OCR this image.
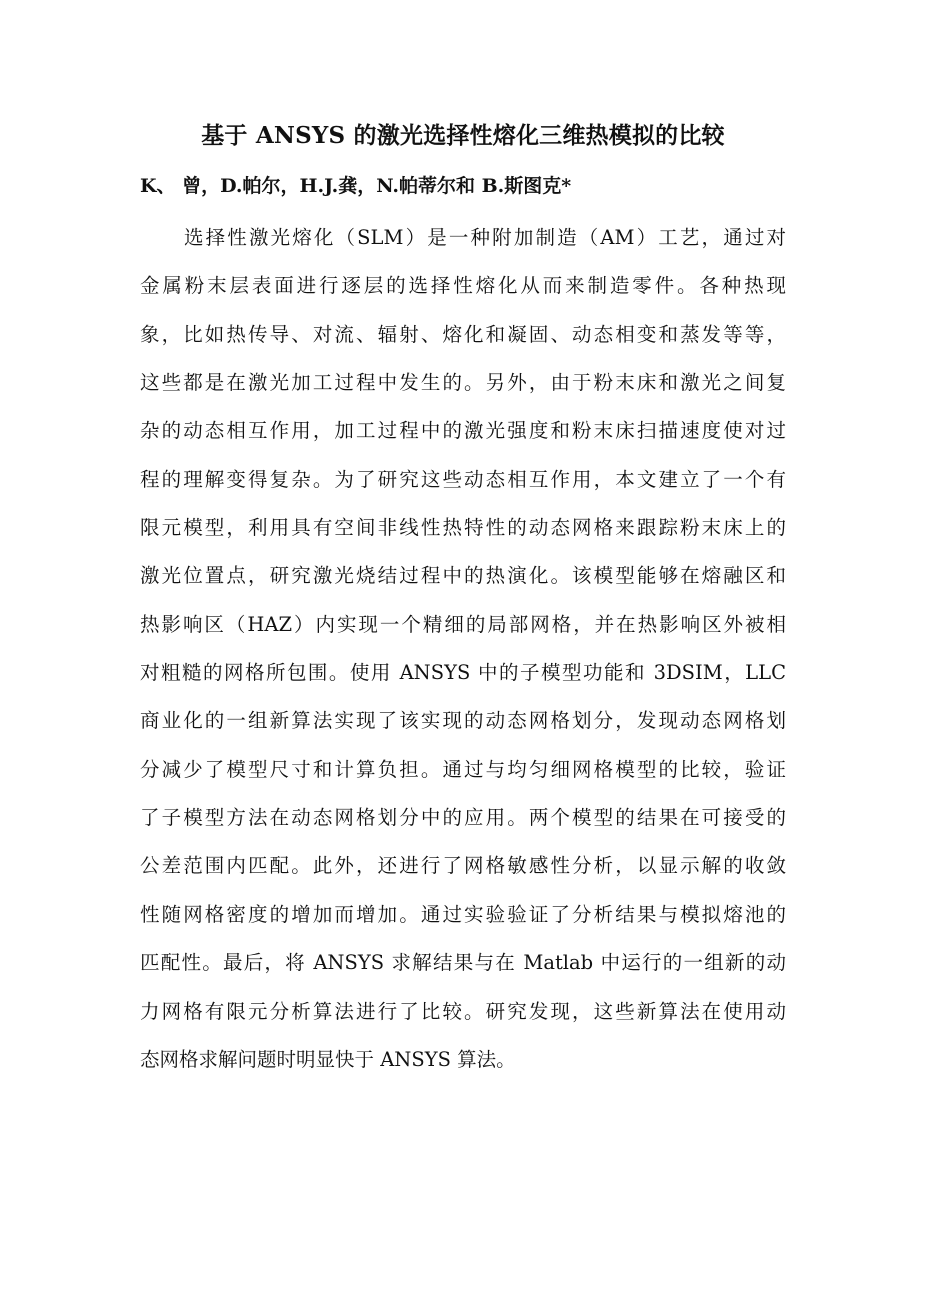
基于 ANSYS 的激光选择性熔化三维热模拟的比较
K、 曾，D.帕尔，H.J.龚，N.帕蒂尔和 B.斯图克*
选择性激光熔化（SLM）是一种附加制造（AM）工艺，通过对
金属粉末层表面进行逐层的选择性熔化从而来制造零件。各种热现
象，比如热传导、对流、辐射、熔化和凝固、动态相变和蒸发等等，
这些都是在激光加工过程中发生的。另外，由于粉末床和激光之间复
杂的动态相互作用，加工过程中的激光强度和粉末床扫描速度使对过
程的理解变得复杂。为了研究这些动态相互作用，本文建立了一个有
限元模型，利用具有空间非线性热特性的动态网格来跟踪粉末床上的
激光位置点，研究激光烧结过程中的热演化。该模型能够在熔融区和
热影响区（HAZ）内实现一个精细的局部网格，并在热影响区外被相
对粗糙的网格所包围。使用 ANSYS 中的子模型功能和 3DSIM，LLC
商业化的一组新算法实现了该实现的动态网格划分，发现动态网格划
分减少了模型尺寸和计算负担。通过与均匀细网格模型的比较，验证
了子模型方法在动态网格划分中的应用。两个模型的结果在可接受的
公差范围内匹配。此外，还进行了网格敏感性分析，以显示解的收敛
性随网格密度的增加而增加。通过实验验证了分析结果与模拟熔池的
匹配性。最后，将 ANSYS 求解结果与在 Matlab 中运行的一组新的动
力网格有限元分析算法进行了比较。研究发现，这些新算法在使用动
态网格求解问题时明显快于 ANSYS 算法。
